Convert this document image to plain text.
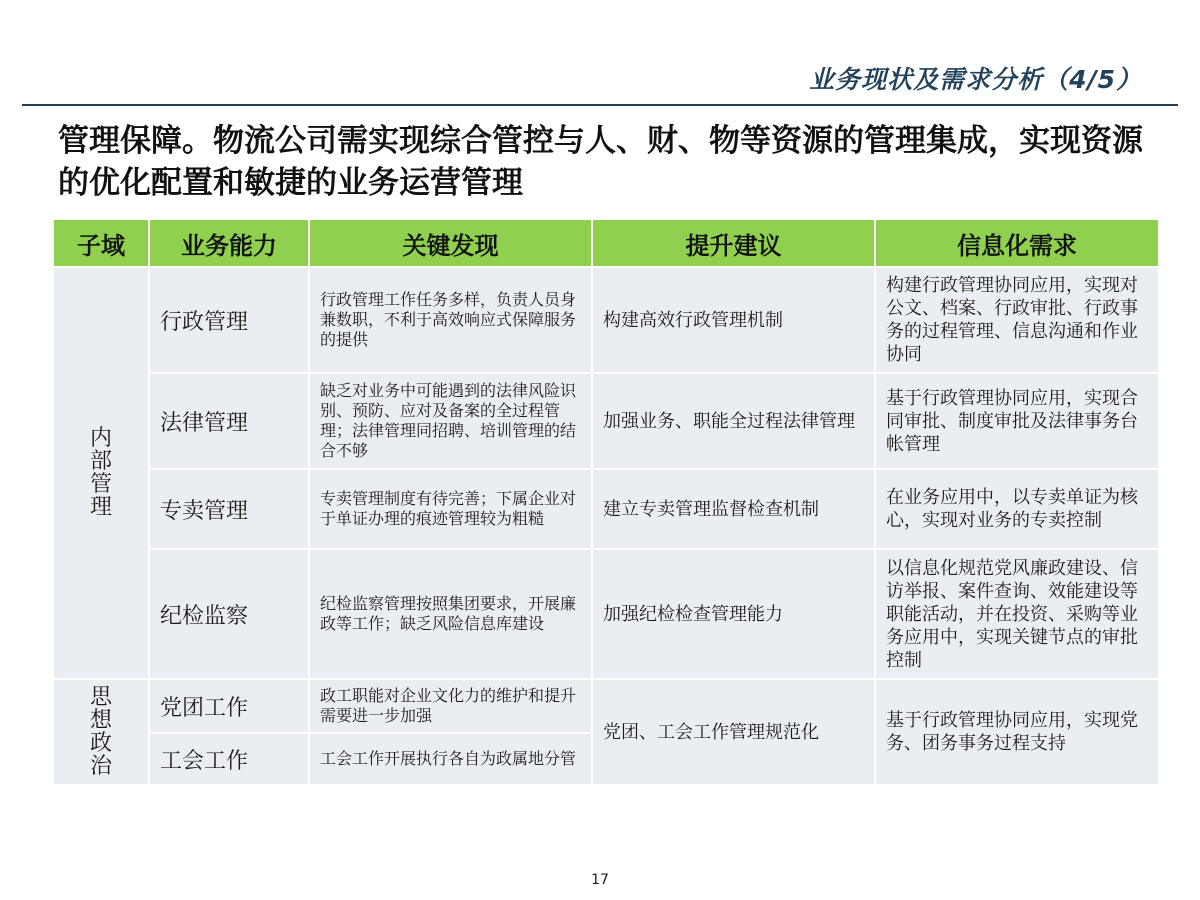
业务现状及需求分析（4/5）
管理保障。物流公司需实现综合管控与人、财、物等资源的管理集成，实现资源的优化配置和敏捷的业务运营管理
子域	业务能力	关键发现	提升建议	信息化需求
内部管理	行政管理	行政管理工作任务多样，负责人员身兼数职，不利于高效响应式保障服务的提供	构建高效行政管理机制	构建行政管理协同应用，实现对公文、档案、行政审批、行政事务的过程管理、信息沟通和作业协同
	法律管理	缺乏对业务中可能遇到的法律风险识别、预防、应对及备案的全过程管理；法律管理同招聘、培训管理的结合不够	加强业务、职能全过程法律管理	基于行政管理协同应用，实现合同审批、制度审批及法律事务台帐管理
	专卖管理	专卖管理制度有待完善；下属企业对于单证办理的痕迹管理较为粗糙	建立专卖管理监督检查机制	在业务应用中，以专卖单证为核心，实现对业务的专卖控制
	纪检监察	纪检监察管理按照集团要求，开展廉政等工作；缺乏风险信息库建设	加强纪检检查管理能力	以信息化规范党风廉政建设、信访举报、案件查询、效能建设等职能活动，并在投资、采购等业务应用中，实现关键节点的审批控制
思想政治	党团工作	政工职能对企业文化力的维护和提升需要进一步加强	党团、工会工作管理规范化	基于行政管理协同应用，实现党务、团务事务过程支持
	工会工作	工会工作开展执行各自为政属地分管		
17
